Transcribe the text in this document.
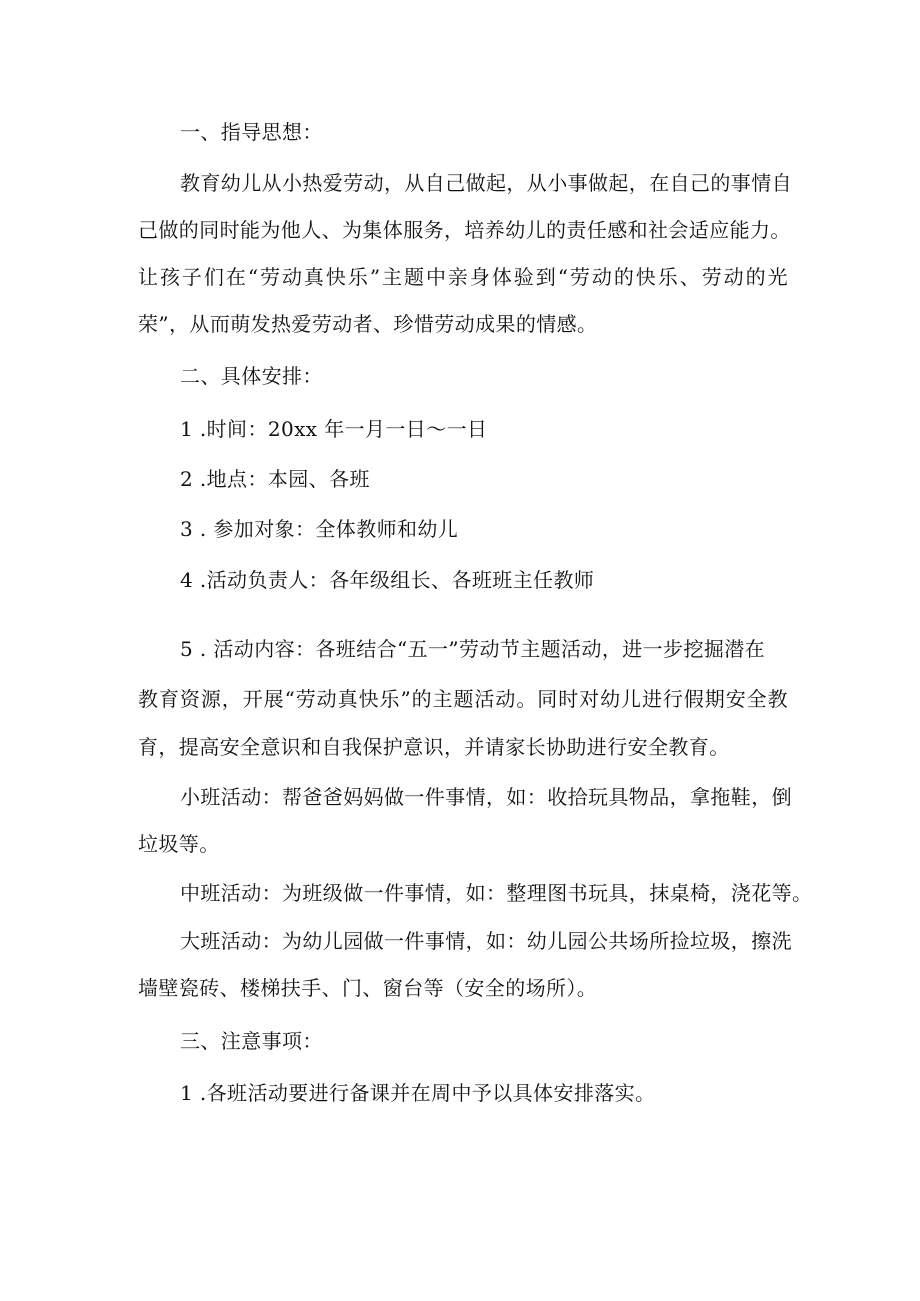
一、指导思想：
教育幼儿从小热爱劳动，从自己做起，从小事做起，在自己的事情自
己做的同时能为他人、为集体服务，培养幼儿的责任感和社会适应能力。
让孩子们在“劳动真快乐”主题中亲身体验到“劳动的快乐、劳动的光
荣”，从而萌发热爱劳动者、珍惜劳动成果的情感。
二、具体安排：
1 .时间：20xx 年一月一日～一日
2 .地点：本园、各班
3 . 参加对象：全体教师和幼儿
4 .活动负责人：各年级组长、各班班主任教师
5 . 活动内容：各班结合“五一”劳动节主题活动，进一步挖掘潜在
教育资源，开展“劳动真快乐”的主题活动。同时对幼儿进行假期安全教
育，提高安全意识和自我保护意识，并请家长协助进行安全教育。
小班活动：帮爸爸妈妈做一件事情，如：收拾玩具物品，拿拖鞋，倒
垃圾等。
中班活动：为班级做一件事情，如：整理图书玩具，抹桌椅，浇花等。
大班活动：为幼儿园做一件事情，如：幼儿园公共场所捡垃圾，擦洗
墙壁瓷砖、楼梯扶手、门、窗台等（安全的场所）。
三、注意事项：
1 .各班活动要进行备课并在周中予以具体安排落实。
